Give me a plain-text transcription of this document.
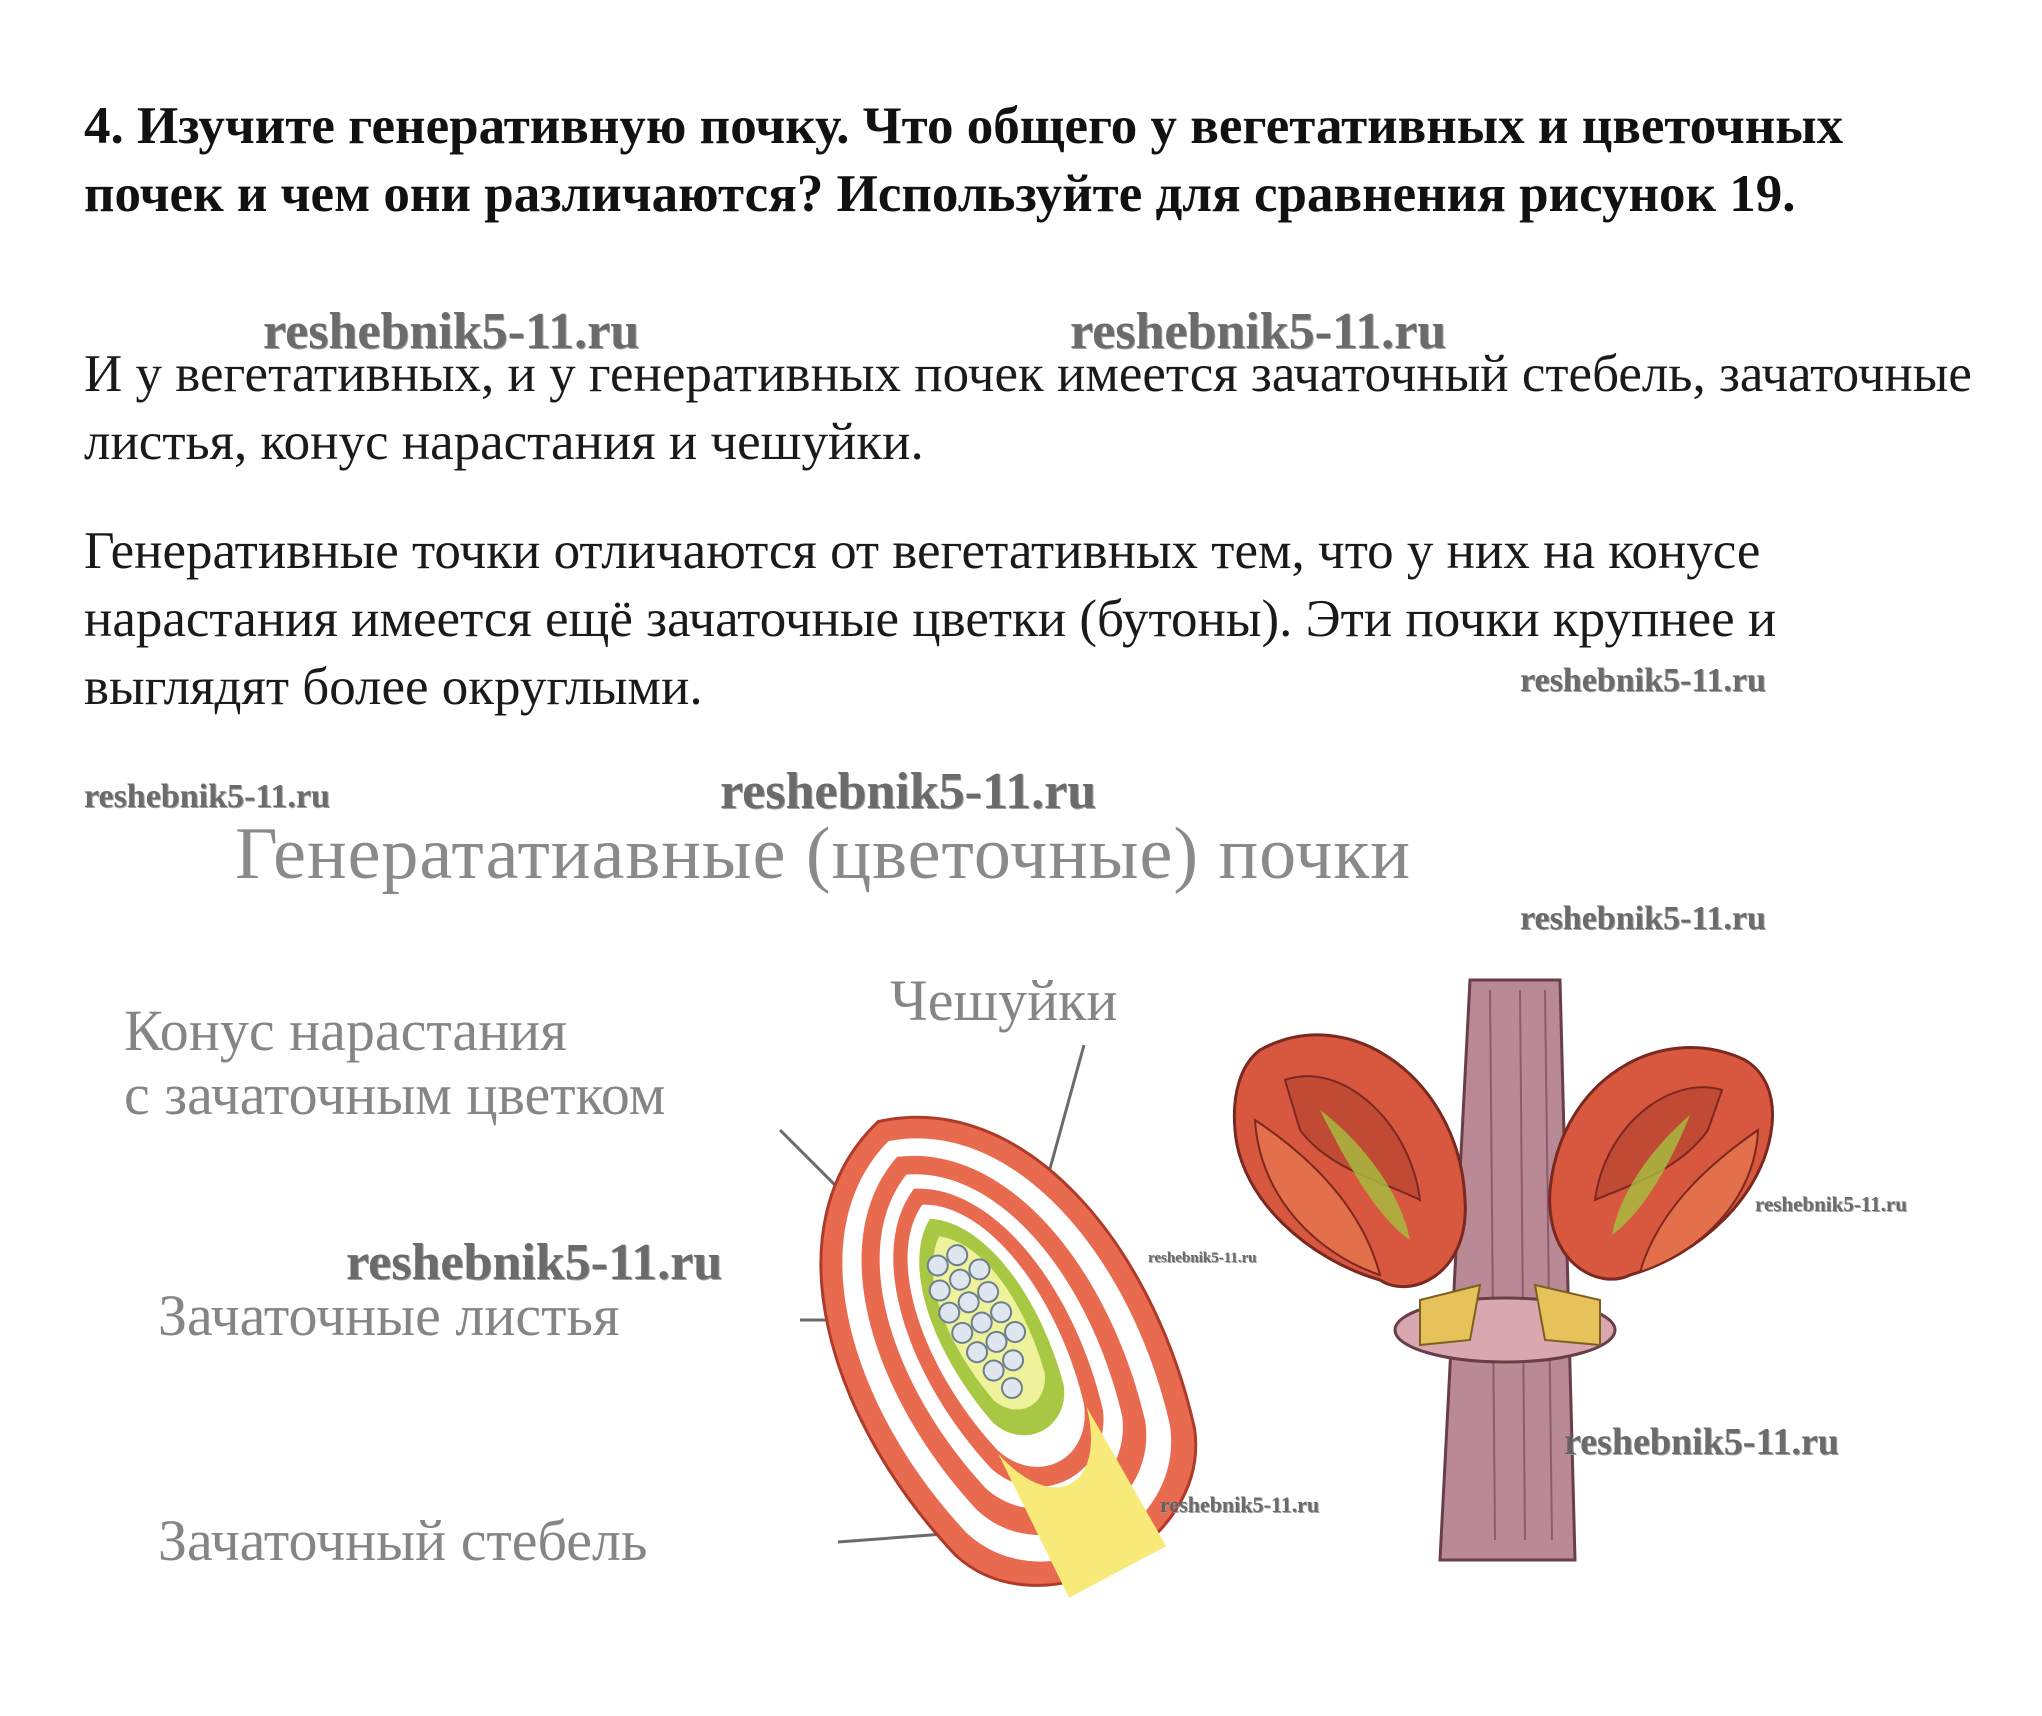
4. Изучите генеративную почку. Что общего у вегетативных и цветочных почек и чем они различаются? Используйте для сравнения рисунок 19.

И у вегетативных, и у генеративных почек имеется зачаточный стебель, зачаточные листья, конус нарастания и чешуйки.

Генеративные точки отличаются от вегетативных тем, что у них на конусе нарастания имеется ещё зачаточные цветки (бутоны). Эти почки крупнее и выглядят более округлыми.

Генерататиавные (цветочные) почки
Конус нарастания
с зачаточным цветком
Чешуйки
Зачаточные листья
Зачаточный стебель
reshebnik5-11.ru	reshebnik5-11.ru
reshebnik5-11.ru
reshebnik5-11.ru	reshebnik5-11.ru
reshebnik5-11.ru
reshebnik5-11.ru
reshebnik5-11.ru	reshebnik5-11.ru
reshebnik5-11.ru
reshebnik5-11.ru
